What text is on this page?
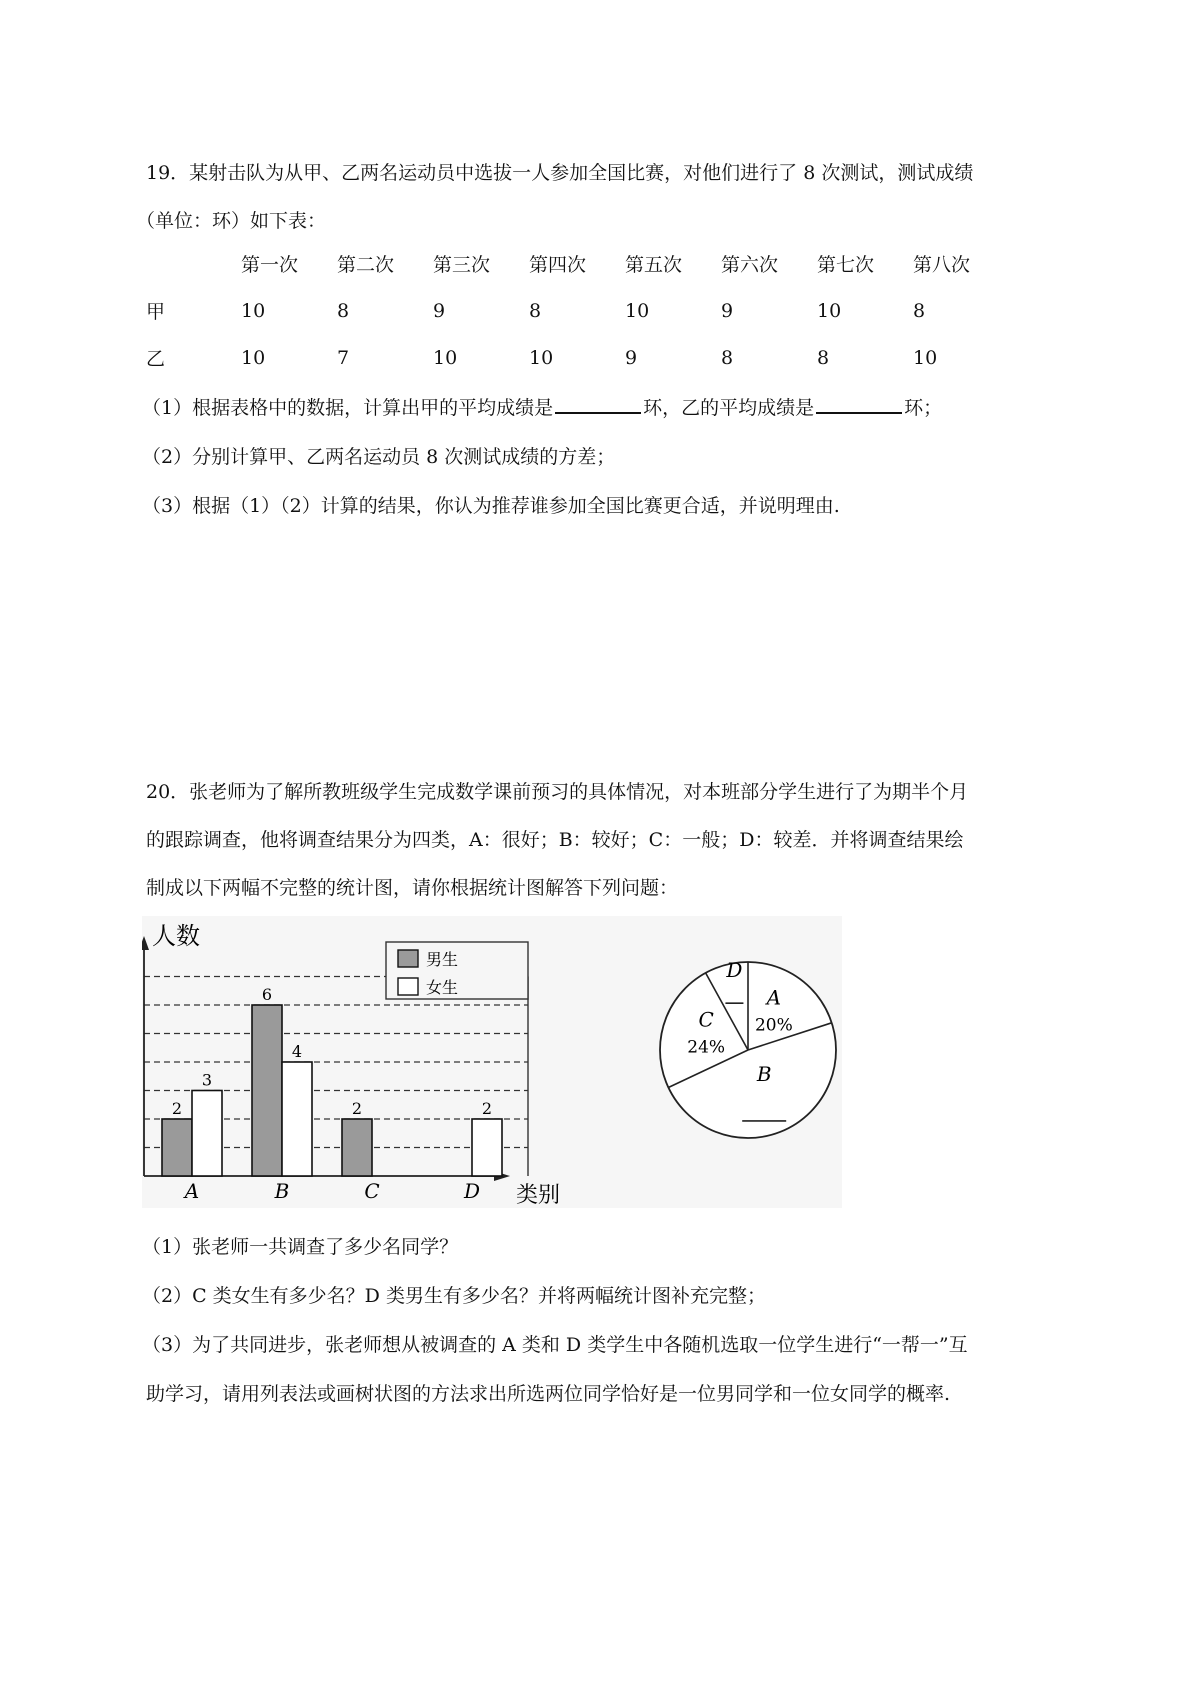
19．某射击队为从甲、乙两名运动员中选拔一人参加全国比赛，对他们进行了 8 次测试，测试成绩
（单位：环）如下表：
	第一次	第二次	第三次	第四次	第五次	第六次	第七次	第八次
甲	10	8	9	8	10	9	10	8
乙	10	7	10	10	9	8	8	10
（1）根据表格中的数据，计算出甲的平均成绩是	环，乙的平均成绩是	环；
（2）分别计算甲、乙两名运动员 8 次测试成绩的方差；
（3）根据（1）（2）计算的结果，你认为推荐谁参加全国比赛更合适，并说明理由.
20．张老师为了解所教班级学生完成数学课前预习的具体情况，对本班部分学生进行了为期半个月
的跟踪调查，他将调查结果分为四类，A：很好；B：较好；C：一般；D：较差．并将调查结果绘
制成以下两幅不完整的统计图，请你根据统计图解答下列问题：
人数
类别
2
3
A
6
4
B
2
C
2
D
男生
女生	A
20%
B
C
24%
D
（1）张老师一共调查了多少名同学？
（2）C 类女生有多少名？D 类男生有多少名？并将两幅统计图补充完整；
（3）为了共同进步，张老师想从被调查的 A 类和 D 类学生中各随机选取一位学生进行“一帮一”互
助学习，请用列表法或画树状图的方法求出所选两位同学恰好是一位男同学和一位女同学的概率.
